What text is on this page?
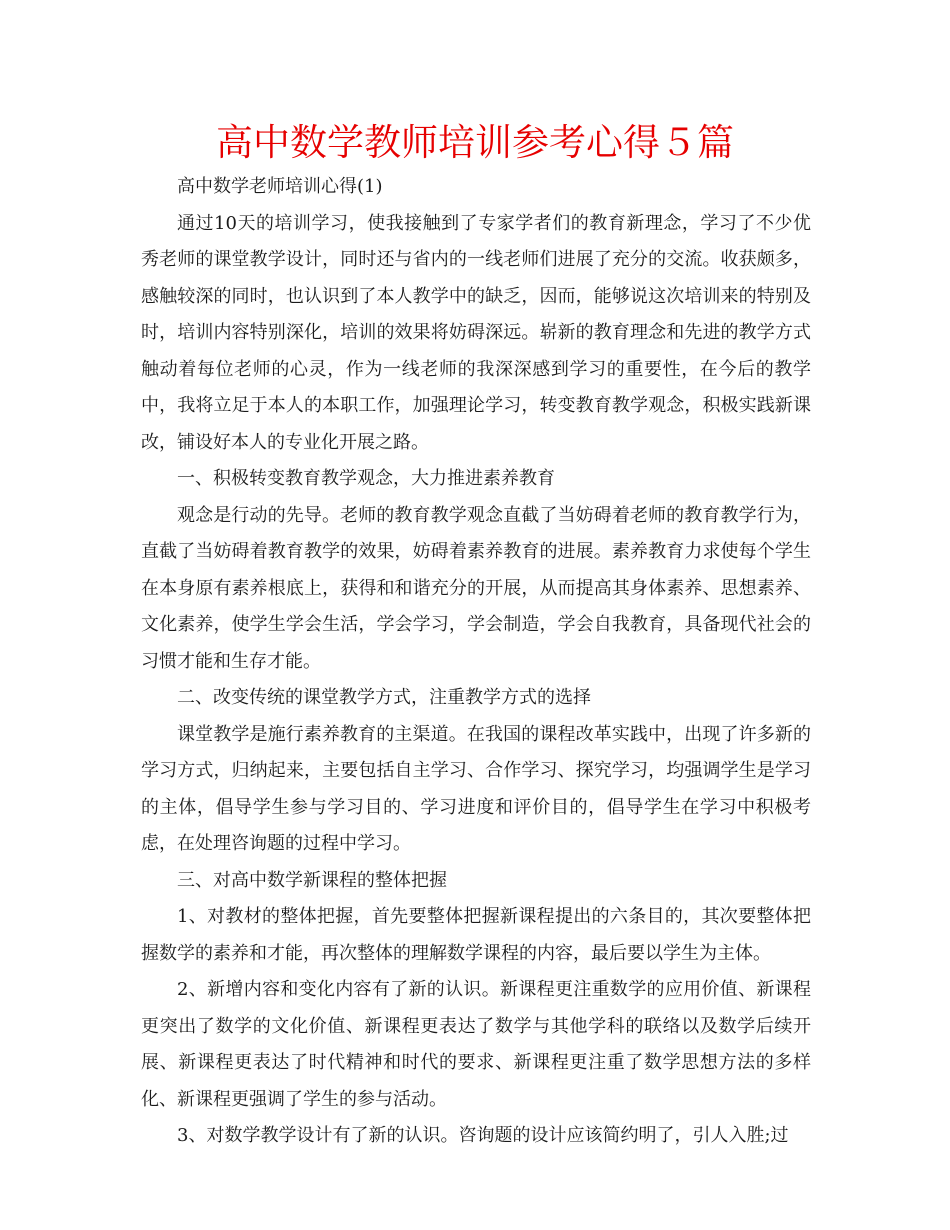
高中数学教师培训参考心得５篇

高中数学老师培训心得(1)

通过10天的培训学习，使我接触到了专家学者们的教育新理念，学习了不少优秀老师的课堂教学设计，同时还与省内的一线老师们进展了充分的交流。收获颇多，感触较深的同时，也认识到了本人教学中的缺乏，因而，能够说这次培训来的特别及时，培训内容特别深化，培训的效果将妨碍深远。崭新的教育理念和先进的教学方式触动着每位老师的心灵，作为一线老师的我深深感到学习的重要性，在今后的教学中，我将立足于本人的本职工作，加强理论学习，转变教育教学观念，积极实践新课改，铺设好本人的专业化开展之路。

一、积极转变教育教学观念，大力推进素养教育

观念是行动的先导。老师的教育教学观念直截了当妨碍着老师的教育教学行为，直截了当妨碍着教育教学的效果，妨碍着素养教育的进展。素养教育力求使每个学生在本身原有素养根底上，获得和和谐充分的开展，从而提高其身体素养、思想素养、文化素养，使学生学会生活，学会学习，学会制造，学会自我教育，具备现代社会的习惯才能和生存才能。

二、改变传统的课堂教学方式，注重教学方式的选择

课堂教学是施行素养教育的主渠道。在我国的课程改革实践中，出现了许多新的学习方式，归纳起来，主要包括自主学习、合作学习、探究学习，均强调学生是学习的主体，倡导学生参与学习目的、学习进度和评价目的，倡导学生在学习中积极考虑，在处理咨询题的过程中学习。

三、对高中数学新课程的整体把握

1、对教材的整体把握，首先要整体把握新课程提出的六条目的，其次要整体把握数学的素养和才能，再次整体的理解数学课程的内容，最后要以学生为主体。

2、新增内容和变化内容有了新的认识。新课程更注重数学的应用价值、新课程更突出了数学的文化价值、新课程更表达了数学与其他学科的联络以及数学后续开展、新课程更表达了时代精神和时代的要求、新课程更注重了数学思想方法的多样化、新课程更强调了学生的参与活动。

3、对数学教学设计有了新的认识。咨询题的设计应该简约明了，引人入胜;过
